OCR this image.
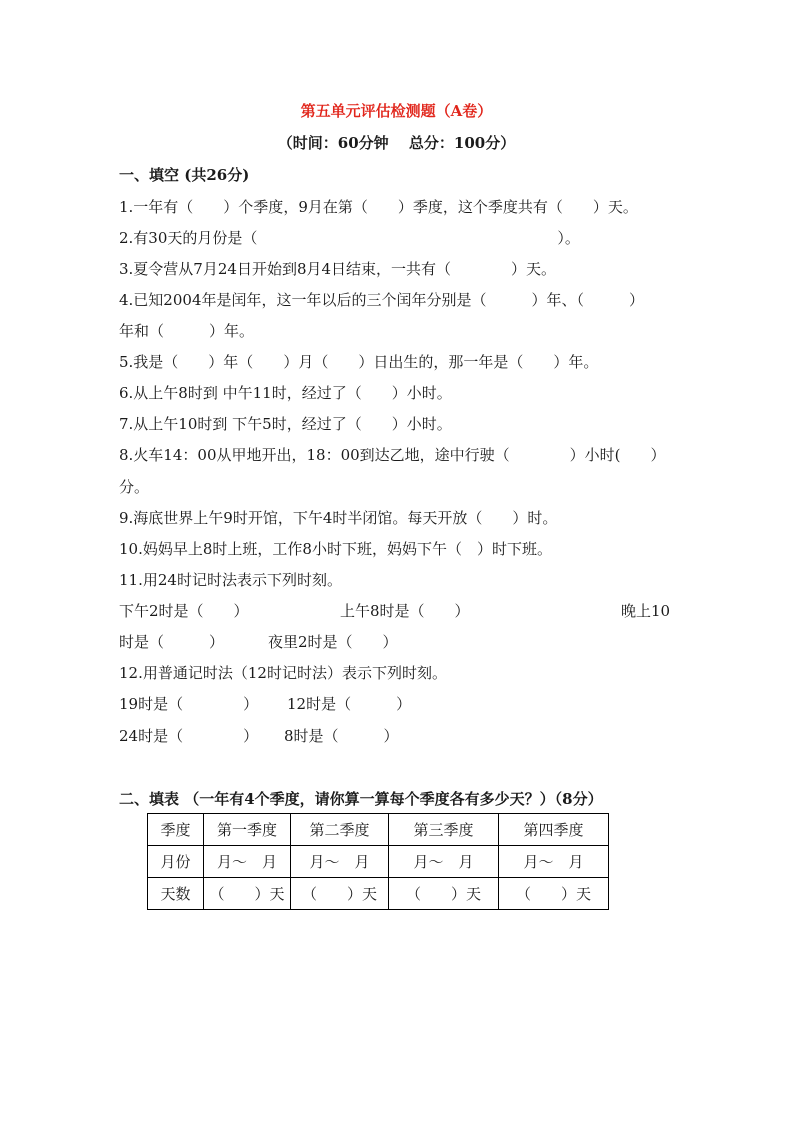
第五单元评估检测题（A卷）
（时间：60分钟　 总分：100分）
一、填空 (共26分)
1.一年有（　　）个季度，9月在第（　　）季度，这个季度共有（　　）天。
2.有30天的月份是（　　　　　　　　　　　　　　　　　　　　）。
3.夏令营从7月24日开始到8月4日结束，一共有（　　　　）天。
4.已知2004年是闰年，这一年以后的三个闰年分别是（　　　）年、（　　　）
年和（　　　）年。
5.我是（　　）年（　　）月（　　）日出生的，那一年是（　　）年。
6.从上午8时到 中午11时，经过了（　　）小时。
7.从上午10时到 下午5时，经过了（　　）小时。
8.火车14：00从甲地开出，18：00到达乙地，途中行驶（　　　　）小时(　　）
分。
9.海底世界上午9时开馆，下午4时半闭馆。每天开放（　　）时。
10.妈妈早上8时上班，工作8小时下班，妈妈下午（　）时下班。
11.用24时记时法表示下列时刻。
下午2时是（　　）	上午8时是（　　）	晚上10
时是（　　　）	夜里2时是（　　）
12.用普通记时法（12时记时法）表示下列时刻。
19时是（　　　　） 12时是（　　　）
24时是（　　　　） 8时是（　　　）
二、填表 （一年有4个季度，请你算一算每个季度各有多少天？）（8分）
季度	第一季度	第二季度	第三季度	第四季度
月份	月～　月	月～　月	月～　月	月～　月
天数	（　　）天	（　　）天	（　　）天	（　　）天
